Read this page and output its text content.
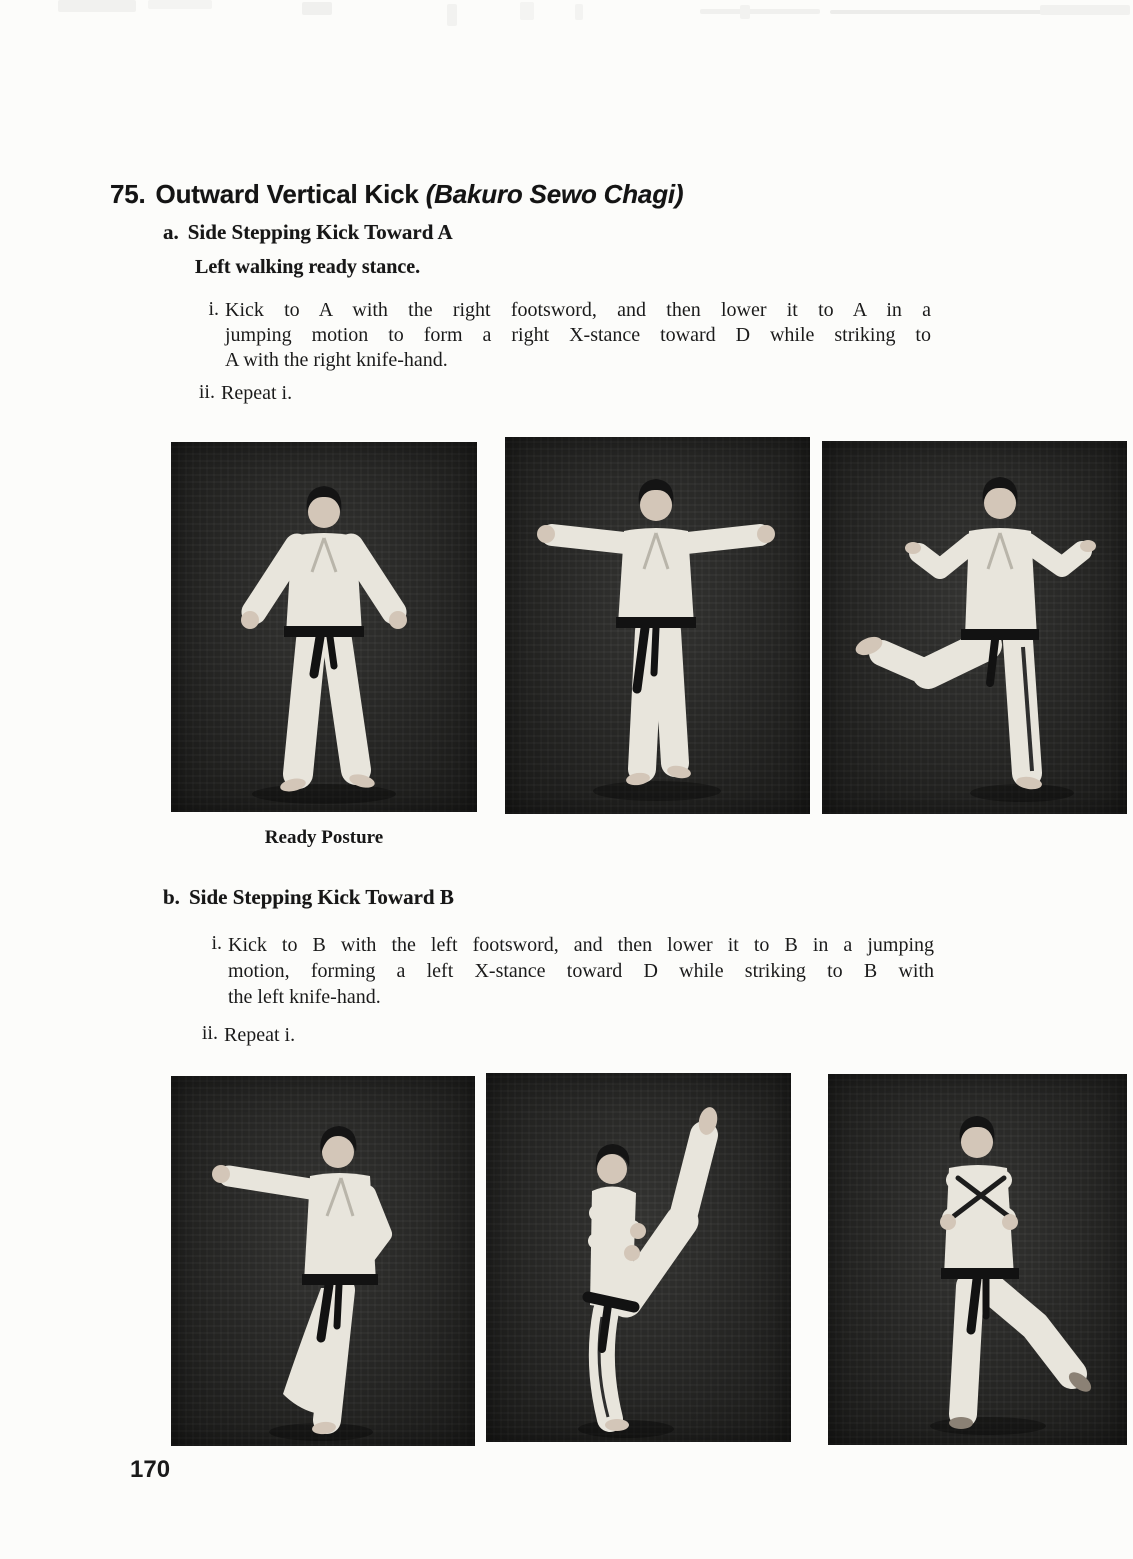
75. Outward Vertical Kick (Bakuro Sewo Chagi)
a. Side Stepping Kick Toward A
Left walking ready stance.
i. Kick to A with the right footsword, and then lower it to A in a
jumping motion to form a right X-stance toward D while striking to
A with the right knife-hand.
ii. Repeat i.
Ready Posture
b. Side Stepping Kick Toward B
i. Kick to B with the left footsword, and then lower it to B in a jumping
motion, forming a left X-stance toward D while striking to B with
the left knife-hand.
ii. Repeat i.
170
